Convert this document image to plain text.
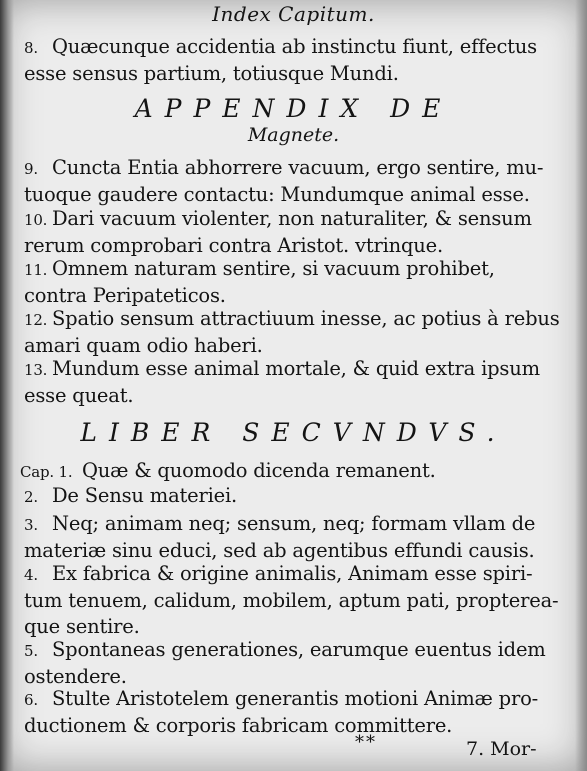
Index Capitum.
8. Quæcunque accidentia ab instinctu fiunt, effectus
esse sensus partium, totiusque Mundi.
APPENDIX DE
Magnete.
9. Cuncta Entia abhorrere vacuum, ergo sentire, mu-
tuoque gaudere contactu: Mundumque animal esse.
10. Dari vacuum violenter, non naturaliter, & sensum
rerum comprobari contra Aristot. vtrinque.
11. Omnem naturam sentire, si vacuum prohibet,
contra Peripateticos.
12. Spatio sensum attractiuum inesse, ac potius à rebus
amari quam odio haberi.
13. Mundum esse animal mortale, & quid extra ipsum
esse queat.
LIBER SECVNDVS.
Cap. 1. Quæ & quomodo dicenda remanent.
2. De Sensu materiei.
3. Neq; animam neq; sensum, neq; formam vllam de
materiæ sinu educi, sed ab agentibus effundi causis.
4. Ex fabrica & origine animalis, Animam esse spiri-
tum tenuem, calidum, mobilem, aptum pati, propterea-
que sentire.
5. Spontaneas generationes, earumque euentus idem
ostendere.
6. Stulte Aristotelem generantis motioni Animæ pro-
ductionem & corporis fabricam committere.
**	7. Mor-
